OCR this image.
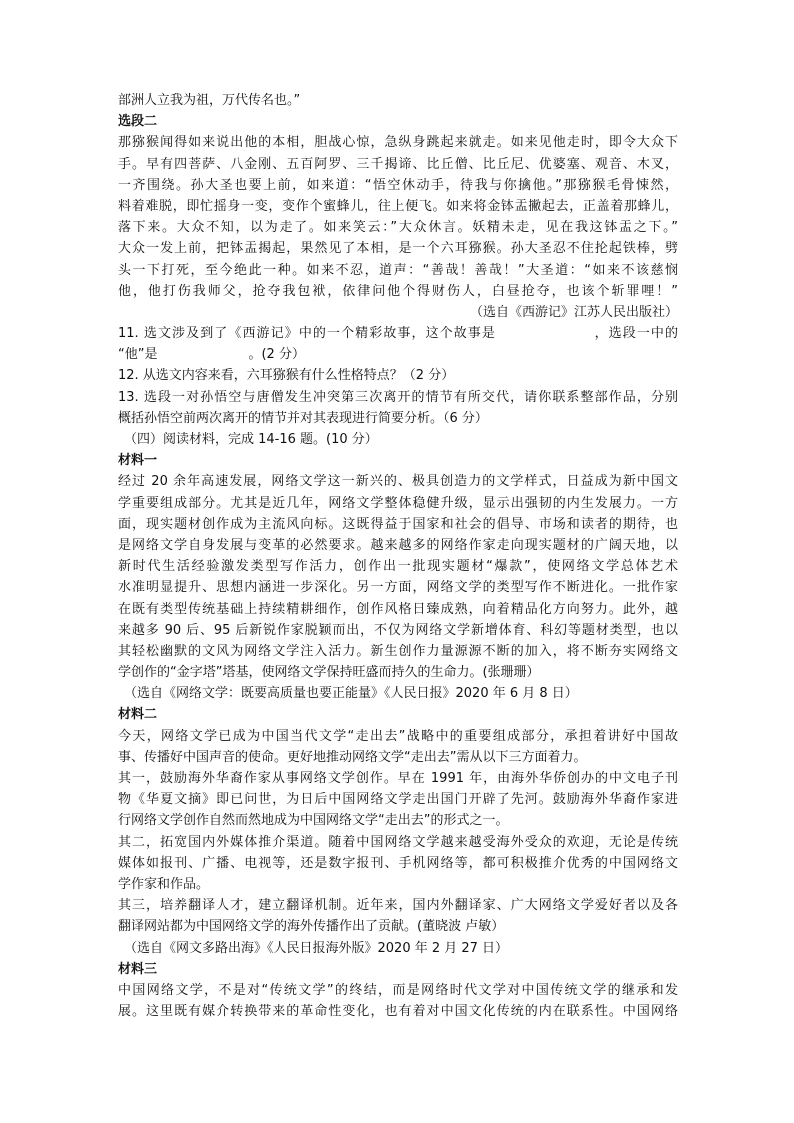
部洲人立我为祖，万代传名也。”
选段二
那猕猴闻得如来说出他的本相，胆战心惊，急纵身跳起来就走。如来见他走时，即令大众下
手。早有四菩萨、八金刚、五百阿罗、三千揭谛、比丘僧、比丘尼、优婆塞、观音、木叉，
一齐围绕。孙大圣也要上前，如来道：“悟空休动手，待我与你擒他。”那猕猴毛骨悚然，
料着难脱，即忙摇身一变，变作个蜜蜂儿，往上便飞。如来将金钵盂撇起去，正盖着那蜂儿，
落下来。大众不知，以为走了。如来笑云：”大众休言。妖精未走，见在我这钵盂之下。”
大众一发上前，把钵盂揭起，果然见了本相，是一个六耳猕猴。孙大圣忍不住抡起铁棒，劈
头一下打死，至今绝此一种。如来不忍，道声：“善哉！善哉！”大圣道：“如来不该慈悯
他，他打伤我师父，抢夺我包袱，依律问他个得财伤人，白昼抢夺，也该个斩罪哩！”
（选自《西游记》江苏人民出版社）
11. 选文涉及到了《西游记》中的一个精彩故事，这个故事是　　　　　　　，选段一中的
“他”是　　　　　　　。(2 分）
12. 从选文内容来看，六耳猕猴有什么性格特点？（2 分）
13. 选段一对孙悟空与唐僧发生冲突第三次离开的情节有所交代，请你联系整部作品，分别
概括孙悟空前两次离开的情节并对其表现进行简要分析。（6 分）
（四）阅读材料，完成 14-16 题。(10 分）
材料一
经过 20 余年高速发展，网络文学这一新兴的、极具创造力的文学样式，日益成为新中国文
学重要组成部分。尤其是近几年，网络文学整体稳健升级，显示出强韧的内生发展力。一方
面，现实题材创作成为主流风向标。这既得益于国家和社会的倡导、市场和读者的期待，也
是网络文学自身发展与变革的必然要求。越来越多的网络作家走向现实题材的广阔天地，以
新时代生活经验激发类型写作活力，创作出一批现实题材“爆款”，使网络文学总体艺术
水准明显提升、思想内涵进一步深化。另一方面，网络文学的类型写作不断进化。一批作家
在既有类型传统基础上持续精耕细作，创作风格日臻成熟，向着精品化方向努力。此外，越
来越多 90 后、95 后新锐作家脱颖而出，不仅为网络文学新增体育、科幻等题材类型，也以
其轻松幽默的文风为网络文学注入活力。新生创作力量源源不断的加入，将不断夯实网络文
学创作的“金字塔”塔基，使网络文学保持旺盛而持久的生命力。(张珊珊）
（选自《网络文学：既要高质量也要正能量》《人民日报》2020 年 6 月 8 日）
材料二
今天，网络文学已成为中国当代文学“走出去”战略中的重要组成部分，承担着讲好中国故
事、传播好中国声音的使命。更好地推动网络文学“走出去”需从以下三方面着力。
其一，鼓励海外华裔作家从事网络文学创作。早在 1991 年，由海外华侨创办的中文电子刊
物《华夏文摘》即已问世，为日后中国网络文学走出国门开辟了先河。鼓励海外华裔作家进
行网络文学创作自然而然地成为中国网络文学“走出去”的形式之一。
其二，拓宽国内外媒体推介渠道。随着中国网络文学越来越受海外受众的欢迎，无论是传统
媒体如报刊、广播、电视等，还是数字报刊、手机网络等，都可积极推介优秀的中国网络文
学作家和作品。
其三，培养翻译人才，建立翻译机制。近年来，国内外翻译家、广大网络文学爱好者以及各
翻译网站都为中国网络文学的海外传播作出了贡献。(董晓波 卢敏）
（选自《网文多路出海》《人民日报海外版》2020 年 2 月 27 日）
材料三
中国网络文学，不是对“传统文学”的终结，而是网络时代文学对中国传统文学的继承和发
展。这里既有媒介转换带来的革命性变化，也有着对中国文化传统的内在联系性。中国网络
